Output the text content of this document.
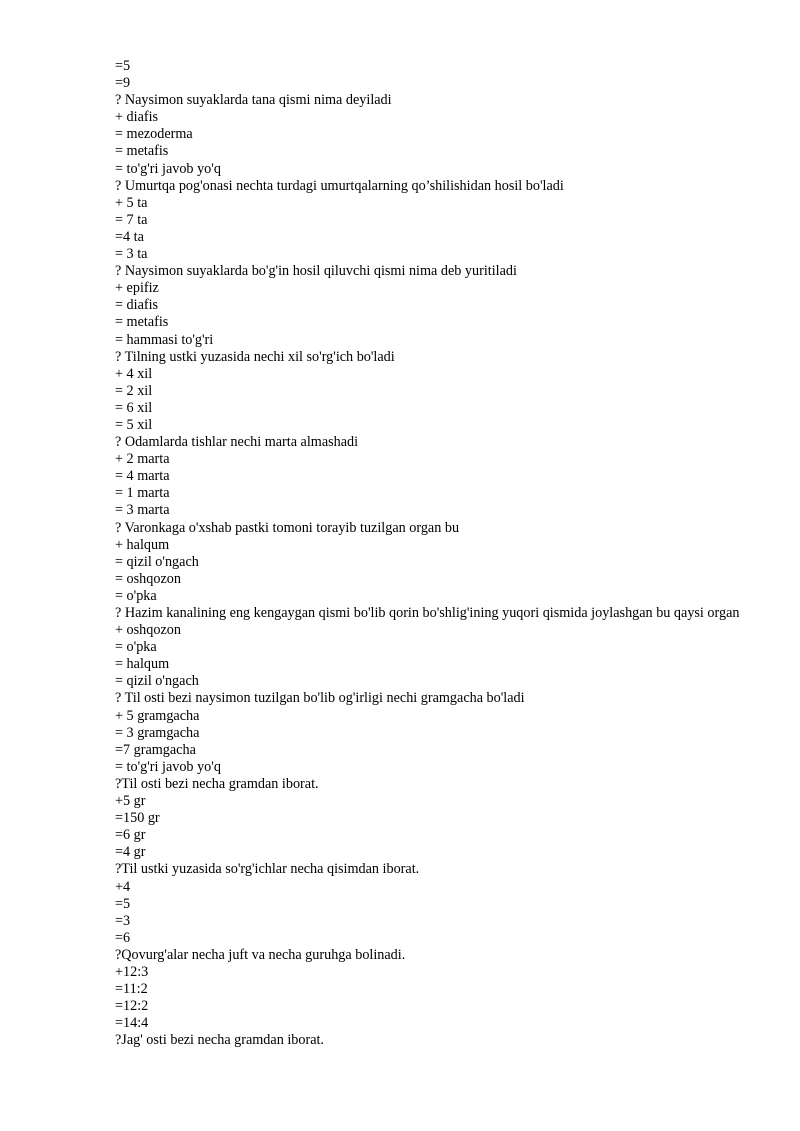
=5
=9
? Naysimon suyaklarda tana qismi nima deyiladi
+ diafis
= mezoderma
= metafis
= to'g'ri javob yo'q
? Umurtqa pog'onasi nechta turdagi umurtqalarning qo’shilishidan hosil bo'ladi
+ 5 ta
= 7 ta
=4 ta
= 3 ta
? Naysimon suyaklarda bo'g'in hosil qiluvchi qismi nima deb yuritiladi
+ epifiz
= diafis
= metafis
= hammasi to'g'ri
? Tilning ustki yuzasida nechi xil so'rg'ich bo'ladi
+ 4 xil
= 2 xil
= 6 xil
= 5 xil
? Odamlarda tishlar nechi marta almashadi
+ 2 marta
= 4 marta
= 1 marta
= 3 marta
? Varonkaga o'xshab pastki tomoni torayib tuzilgan organ bu
+ halqum
= qizil o'ngach
= oshqozon
= o'pka
? Hazim kanalining eng kengaygan qismi bo'lib qorin bo'shlig'ining yuqori qismida joylashgan bu qaysi organ
+ oshqozon
= o'pka
= halqum
= qizil o'ngach
? Til osti bezi naysimon tuzilgan bo'lib og'irligi nechi gramgacha bo'ladi
+ 5 gramgacha
= 3 gramgacha
=7 gramgacha
= to'g'ri javob yo'q
?Til osti bezi necha gramdan iborat.
+5 gr
=150 gr
=6 gr
=4 gr
?Til ustki yuzasida so'rg'ichlar necha qisimdan iborat.
+4
=5
=3
=6
?Qovurg'alar necha juft va necha guruhga bolinadi.
+12:3
=11:2
=12:2
=14:4
?Jag' osti bezi necha gramdan iborat.
